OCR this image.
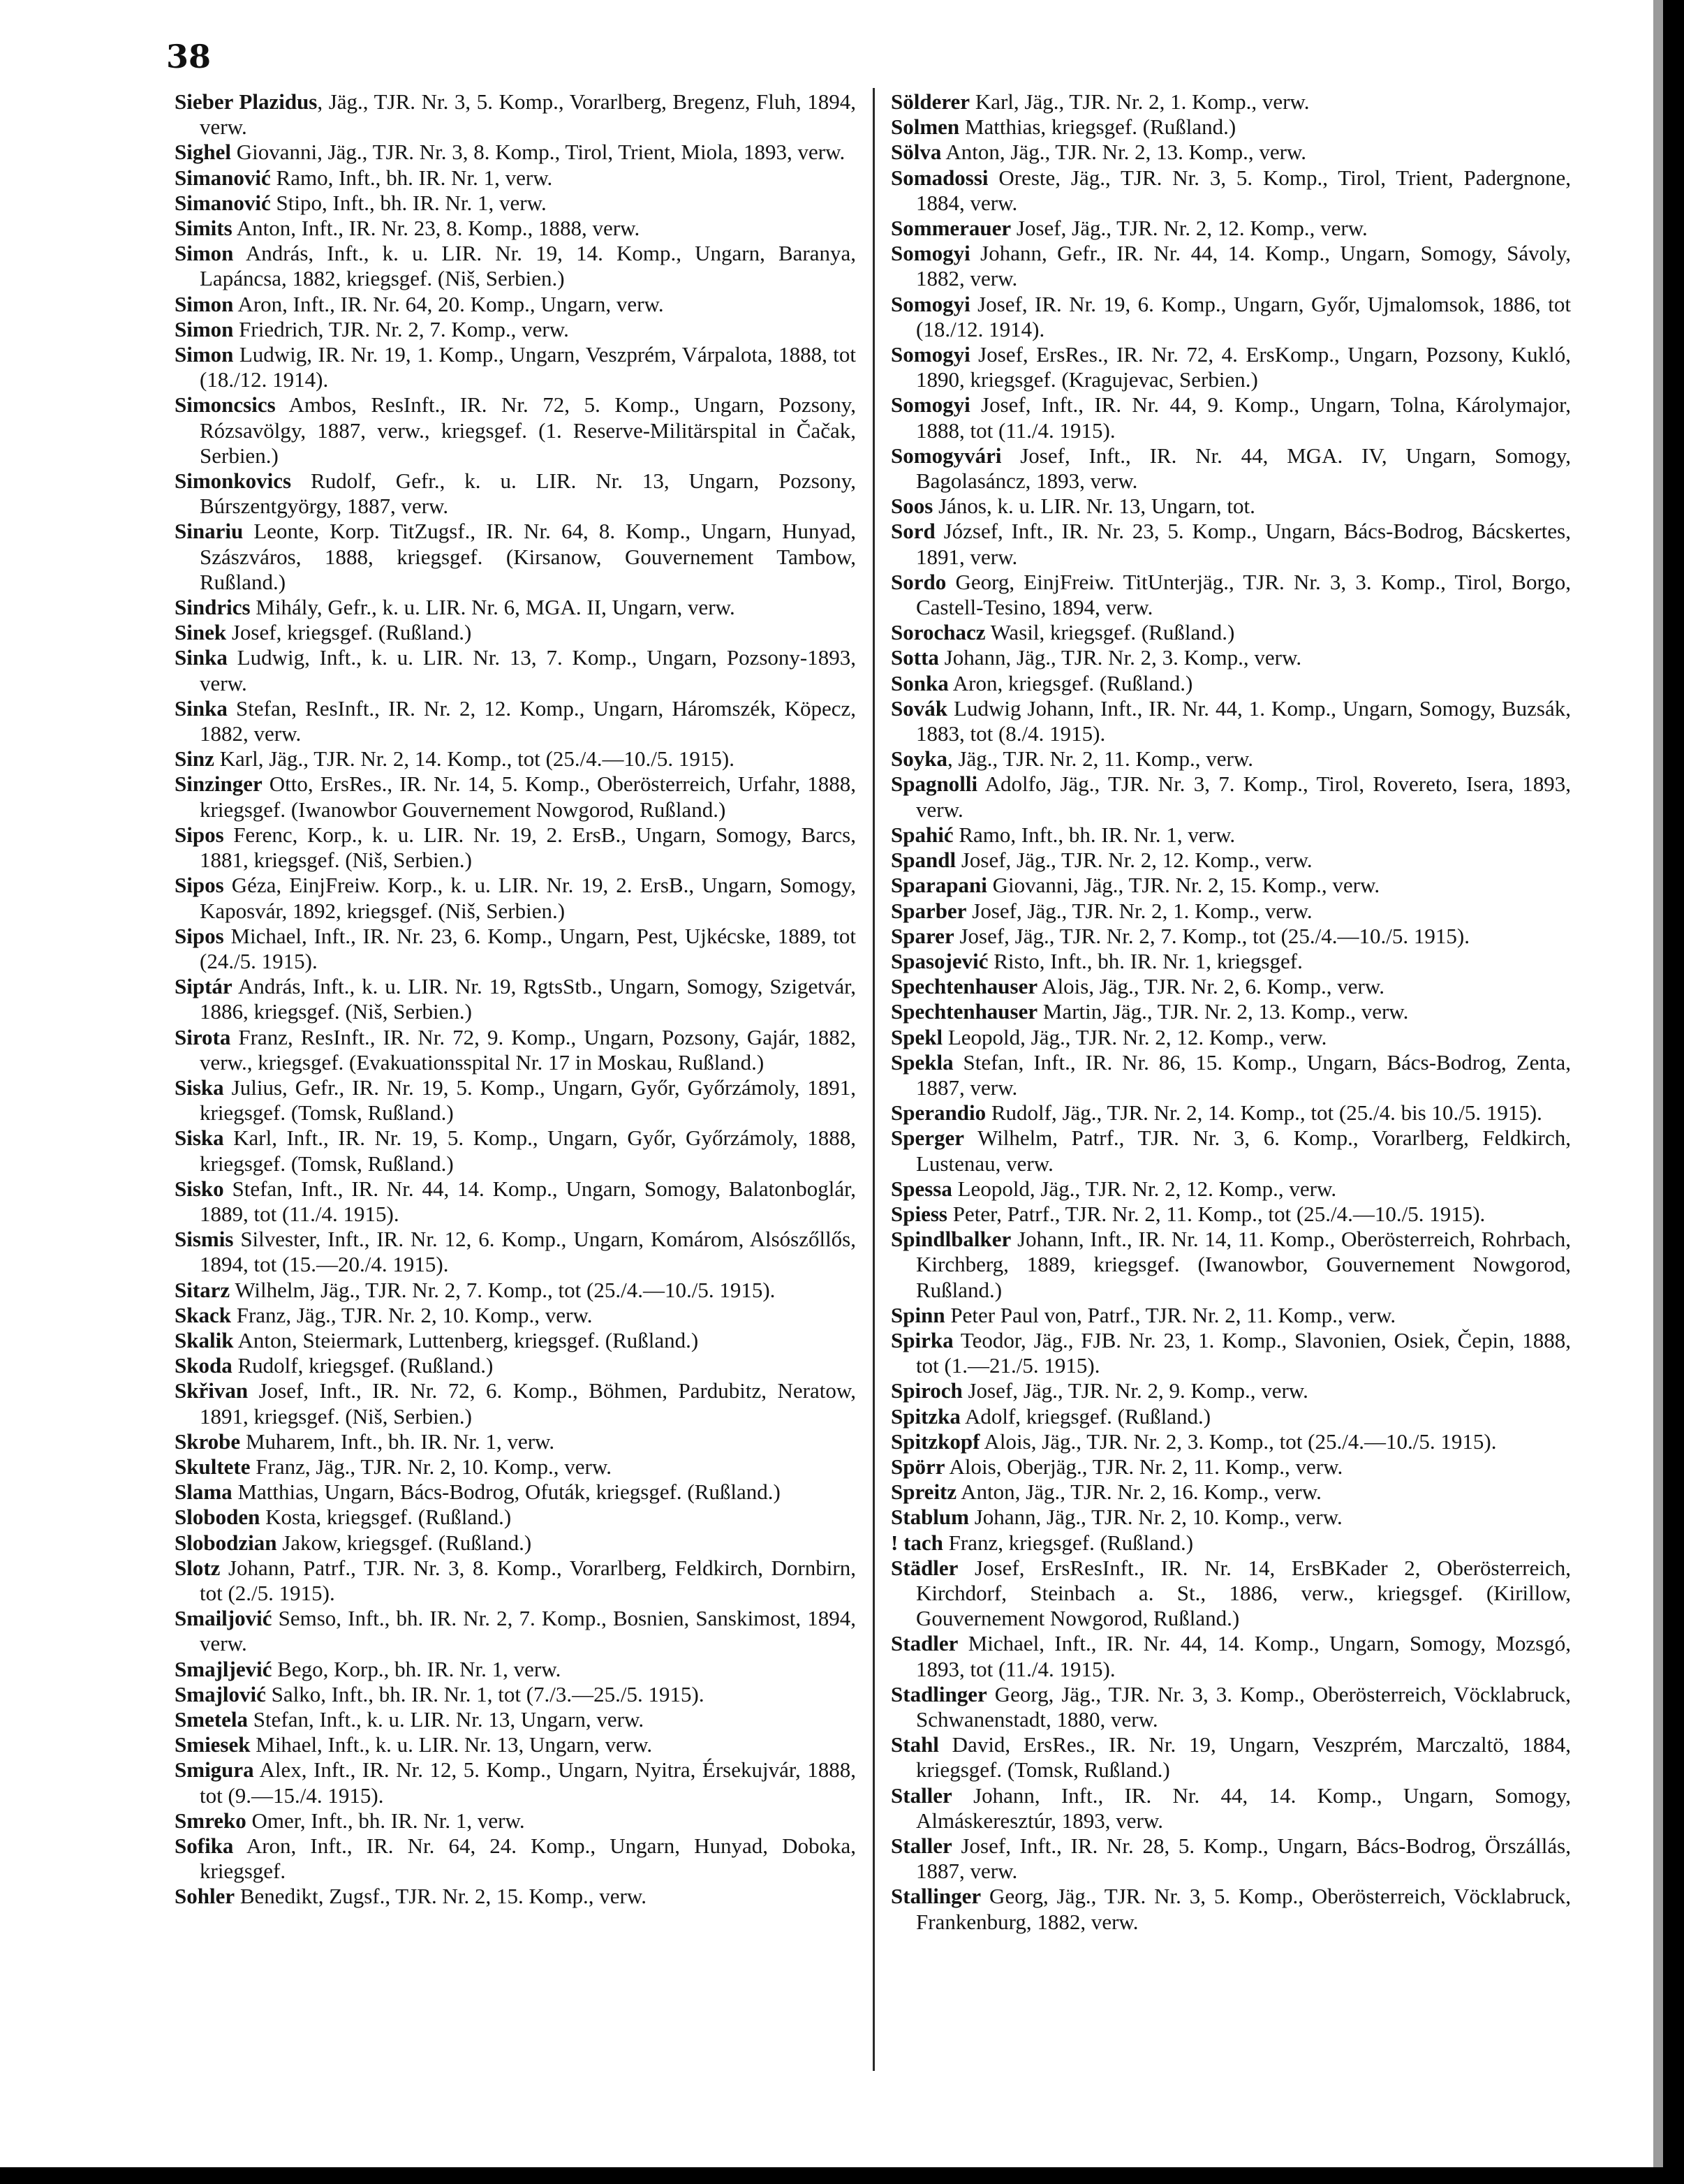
38

Sieber Plazidus, Jäg., TJR. Nr. 3, 5. Komp., Vorarlberg, Bregenz, Fluh, 1894, verw.

Sighel Giovanni, Jäg., TJR. Nr. 3, 8. Komp., Tirol, Trient, Miola, 1893, verw.

Simanović Ramo, Inft., bh. IR. Nr. 1, verw.

Simanović Stipo, Inft., bh. IR. Nr. 1, verw.

Simits Anton, Inft., IR. Nr. 23, 8. Komp., 1888, verw.

Simon András, Inft., k. u. LIR. Nr. 19, 14. Komp., Ungarn, Baranya, Lapáncsa, 1882, kriegsgef. (Niš, Serbien.)

Simon Aron, Inft., IR. Nr. 64, 20. Komp., Ungarn, verw.

Simon Friedrich, TJR. Nr. 2, 7. Komp., verw.

Simon Ludwig, IR. Nr. 19, 1. Komp., Ungarn, Veszprém, Várpalota, 1888, tot (18./12. 1914).

Simoncsics Ambos, ResInft., IR. Nr. 72, 5. Komp., Ungarn, Pozsony, Rózsavölgy, 1887, verw., kriegsgef. (1. Reserve-Militärspital in Čačak, Serbien.)

Simonkovics Rudolf, Gefr., k. u. LIR. Nr. 13, Ungarn, Pozsony, Búrszentgyörgy, 1887, verw.

Sinariu Leonte, Korp. TitZugsf., IR. Nr. 64, 8. Komp., Ungarn, Hunyad, Szászváros, 1888, kriegsgef. (Kirsanow, Gouvernement Tambow, Rußland.)

Sindrics Mihály, Gefr., k. u. LIR. Nr. 6, MGA. II, Ungarn, verw.

Sinek Josef, kriegsgef. (Rußland.)

Sinka Ludwig, Inft., k. u. LIR. Nr. 13, 7. Komp., Ungarn, Pozsony-1893, verw.

Sinka Stefan, ResInft., IR. Nr. 2, 12. Komp., Ungarn, Háromszék, Köpecz, 1882, verw.

Sinz Karl, Jäg., TJR. Nr. 2, 14. Komp., tot (25./4.—10./5. 1915).

Sinzinger Otto, ErsRes., IR. Nr. 14, 5. Komp., Oberösterreich, Urfahr, 1888, kriegsgef. (Iwanowbor Gouvernement Nowgorod, Rußland.)

Sipos Ferenc, Korp., k. u. LIR. Nr. 19, 2. ErsB., Ungarn, Somogy, Barcs, 1881, kriegsgef. (Niš, Serbien.)

Sipos Géza, EinjFreiw. Korp., k. u. LIR. Nr. 19, 2. ErsB., Ungarn, Somogy, Kaposvár, 1892, kriegsgef. (Niš, Serbien.)

Sipos Michael, Inft., IR. Nr. 23, 6. Komp., Ungarn, Pest, Ujkécske, 1889, tot (24./5. 1915).

Siptár András, Inft., k. u. LIR. Nr. 19, RgtsStb., Ungarn, Somogy, Szigetvár, 1886, kriegsgef. (Niš, Serbien.)

Sirota Franz, ResInft., IR. Nr. 72, 9. Komp., Ungarn, Pozsony, Gajár, 1882, verw., kriegsgef. (Evakuationsspital Nr. 17 in Moskau, Rußland.)

Siska Julius, Gefr., IR. Nr. 19, 5. Komp., Ungarn, Győr, Győrzámoly, 1891, kriegsgef. (Tomsk, Rußland.)

Siska Karl, Inft., IR. Nr. 19, 5. Komp., Ungarn, Győr, Győrzámoly, 1888, kriegsgef. (Tomsk, Rußland.)

Sisko Stefan, Inft., IR. Nr. 44, 14. Komp., Ungarn, Somogy, Balatonboglár, 1889, tot (11./4. 1915).

Sismis Silvester, Inft., IR. Nr. 12, 6. Komp., Ungarn, Komárom, Alsószőllős, 1894, tot (15.—20./4. 1915).

Sitarz Wilhelm, Jäg., TJR. Nr. 2, 7. Komp., tot (25./4.—10./5. 1915).

Skack Franz, Jäg., TJR. Nr. 2, 10. Komp., verw.

Skalik Anton, Steiermark, Luttenberg, kriegsgef. (Rußland.)

Skoda Rudolf, kriegsgef. (Rußland.)

Skřivan Josef, Inft., IR. Nr. 72, 6. Komp., Böhmen, Pardubitz, Neratow, 1891, kriegsgef. (Niš, Serbien.)

Skrobe Muharem, Inft., bh. IR. Nr. 1, verw.

Skultete Franz, Jäg., TJR. Nr. 2, 10. Komp., verw.

Slama Matthias, Ungarn, Bács-Bodrog, Ofuták, kriegsgef. (Rußland.)

Sloboden Kosta, kriegsgef. (Rußland.)

Slobodzian Jakow, kriegsgef. (Rußland.)

Slotz Johann, Patrf., TJR. Nr. 3, 8. Komp., Vorarlberg, Feldkirch, Dornbirn, tot (2./5. 1915).

Smailjović Semso, Inft., bh. IR. Nr. 2, 7. Komp., Bosnien, Sanskimost, 1894, verw.

Smajljević Bego, Korp., bh. IR. Nr. 1, verw.

Smajlović Salko, Inft., bh. IR. Nr. 1, tot (7./3.—25./5. 1915).

Smetela Stefan, Inft., k. u. LIR. Nr. 13, Ungarn, verw.

Smiesek Mihael, Inft., k. u. LIR. Nr. 13, Ungarn, verw.

Smigura Alex, Inft., IR. Nr. 12, 5. Komp., Ungarn, Nyitra, Érsekujvár, 1888, tot (9.—15./4. 1915).

Smreko Omer, Inft., bh. IR. Nr. 1, verw.

Sofika Aron, Inft., IR. Nr. 64, 24. Komp., Ungarn, Hunyad, Doboka, kriegsgef.

Sohler Benedikt, Zugsf., TJR. Nr. 2, 15. Komp., verw.

Sölderer Karl, Jäg., TJR. Nr. 2, 1. Komp., verw.

Solmen Matthias, kriegsgef. (Rußland.)

Sölva Anton, Jäg., TJR. Nr. 2, 13. Komp., verw.

Somadossi Oreste, Jäg., TJR. Nr. 3, 5. Komp., Tirol, Trient, Padergnone, 1884, verw.

Sommerauer Josef, Jäg., TJR. Nr. 2, 12. Komp., verw.

Somogyi Johann, Gefr., IR. Nr. 44, 14. Komp., Ungarn, Somogy, Sávoly, 1882, verw.

Somogyi Josef, IR. Nr. 19, 6. Komp., Ungarn, Győr, Ujmalomsok, 1886, tot (18./12. 1914).

Somogyi Josef, ErsRes., IR. Nr. 72, 4. ErsKomp., Ungarn, Pozsony, Kukló, 1890, kriegsgef. (Kragujevac, Serbien.)

Somogyi Josef, Inft., IR. Nr. 44, 9. Komp., Ungarn, Tolna, Károlymajor, 1888, tot (11./4. 1915).

Somogyvári Josef, Inft., IR. Nr. 44, MGA. IV, Ungarn, Somogy, Bagolasáncz, 1893, verw.

Soos János, k. u. LIR. Nr. 13, Ungarn, tot.

Sord József, Inft., IR. Nr. 23, 5. Komp., Ungarn, Bács-Bodrog, Bácskertes, 1891, verw.

Sordo Georg, EinjFreiw. TitUnterjäg., TJR. Nr. 3, 3. Komp., Tirol, Borgo, Castell-Tesino, 1894, verw.

Sorochacz Wasil, kriegsgef. (Rußland.)

Sotta Johann, Jäg., TJR. Nr. 2, 3. Komp., verw.

Sonka Aron, kriegsgef. (Rußland.)

Sovák Ludwig Johann, Inft., IR. Nr. 44, 1. Komp., Ungarn, Somogy, Buzsák, 1883, tot (8./4. 1915).

Soyka, Jäg., TJR. Nr. 2, 11. Komp., verw.

Spagnolli Adolfo, Jäg., TJR. Nr. 3, 7. Komp., Tirol, Rovereto, Isera, 1893, verw.

Spahić Ramo, Inft., bh. IR. Nr. 1, verw.

Spandl Josef, Jäg., TJR. Nr. 2, 12. Komp., verw.

Sparapani Giovanni, Jäg., TJR. Nr. 2, 15. Komp., verw.

Sparber Josef, Jäg., TJR. Nr. 2, 1. Komp., verw.

Sparer Josef, Jäg., TJR. Nr. 2, 7. Komp., tot (25./4.—10./5. 1915).

Spasojević Risto, Inft., bh. IR. Nr. 1, kriegsgef.

Spechtenhauser Alois, Jäg., TJR. Nr. 2, 6. Komp., verw.

Spechtenhauser Martin, Jäg., TJR. Nr. 2, 13. Komp., verw.

Spekl Leopold, Jäg., TJR. Nr. 2, 12. Komp., verw.

Spekla Stefan, Inft., IR. Nr. 86, 15. Komp., Ungarn, Bács-Bodrog, Zenta, 1887, verw.

Sperandio Rudolf, Jäg., TJR. Nr. 2, 14. Komp., tot (25./4. bis 10./5. 1915).

Sperger Wilhelm, Patrf., TJR. Nr. 3, 6. Komp., Vorarlberg, Feldkirch, Lustenau, verw.

Spessa Leopold, Jäg., TJR. Nr. 2, 12. Komp., verw.

Spiess Peter, Patrf., TJR. Nr. 2, 11. Komp., tot (25./4.—10./5. 1915).

Spindlbalker Johann, Inft., IR. Nr. 14, 11. Komp., Oberösterreich, Rohrbach, Kirchberg, 1889, kriegsgef. (Iwanowbor, Gouvernement Nowgorod, Rußland.)

Spinn Peter Paul von, Patrf., TJR. Nr. 2, 11. Komp., verw.

Spirka Teodor, Jäg., FJB. Nr. 23, 1. Komp., Slavonien, Osiek, Čepin, 1888, tot (1.—21./5. 1915).

Spiroch Josef, Jäg., TJR. Nr. 2, 9. Komp., verw.

Spitzka Adolf, kriegsgef. (Rußland.)

Spitzkopf Alois, Jäg., TJR. Nr. 2, 3. Komp., tot (25./4.—10./5. 1915).

Spörr Alois, Oberjäg., TJR. Nr. 2, 11. Komp., verw.

Spreitz Anton, Jäg., TJR. Nr. 2, 16. Komp., verw.

Stablum Johann, Jäg., TJR. Nr. 2, 10. Komp., verw.

! tach Franz, kriegsgef. (Rußland.)

Städler Josef, ErsResInft., IR. Nr. 14, ErsBKader 2, Oberösterreich, Kirchdorf, Steinbach a. St., 1886, verw., kriegsgef. (Kirillow, Gouvernement Nowgorod, Rußland.)

Stadler Michael, Inft., IR. Nr. 44, 14. Komp., Ungarn, Somogy, Mozsgó, 1893, tot (11./4. 1915).

Stadlinger Georg, Jäg., TJR. Nr. 3, 3. Komp., Oberösterreich, Vöcklabruck, Schwanenstadt, 1880, verw.

Stahl David, ErsRes., IR. Nr. 19, Ungarn, Veszprém, Marczaltö, 1884, kriegsgef. (Tomsk, Rußland.)

Staller Johann, Inft., IR. Nr. 44, 14. Komp., Ungarn, Somogy, Almáskeresztúr, 1893, verw.

Staller Josef, Inft., IR. Nr. 28, 5. Komp., Ungarn, Bács-Bodrog, Örszállás, 1887, verw.

Stallinger Georg, Jäg., TJR. Nr. 3, 5. Komp., Oberösterreich, Vöcklabruck, Frankenburg, 1882, verw.
